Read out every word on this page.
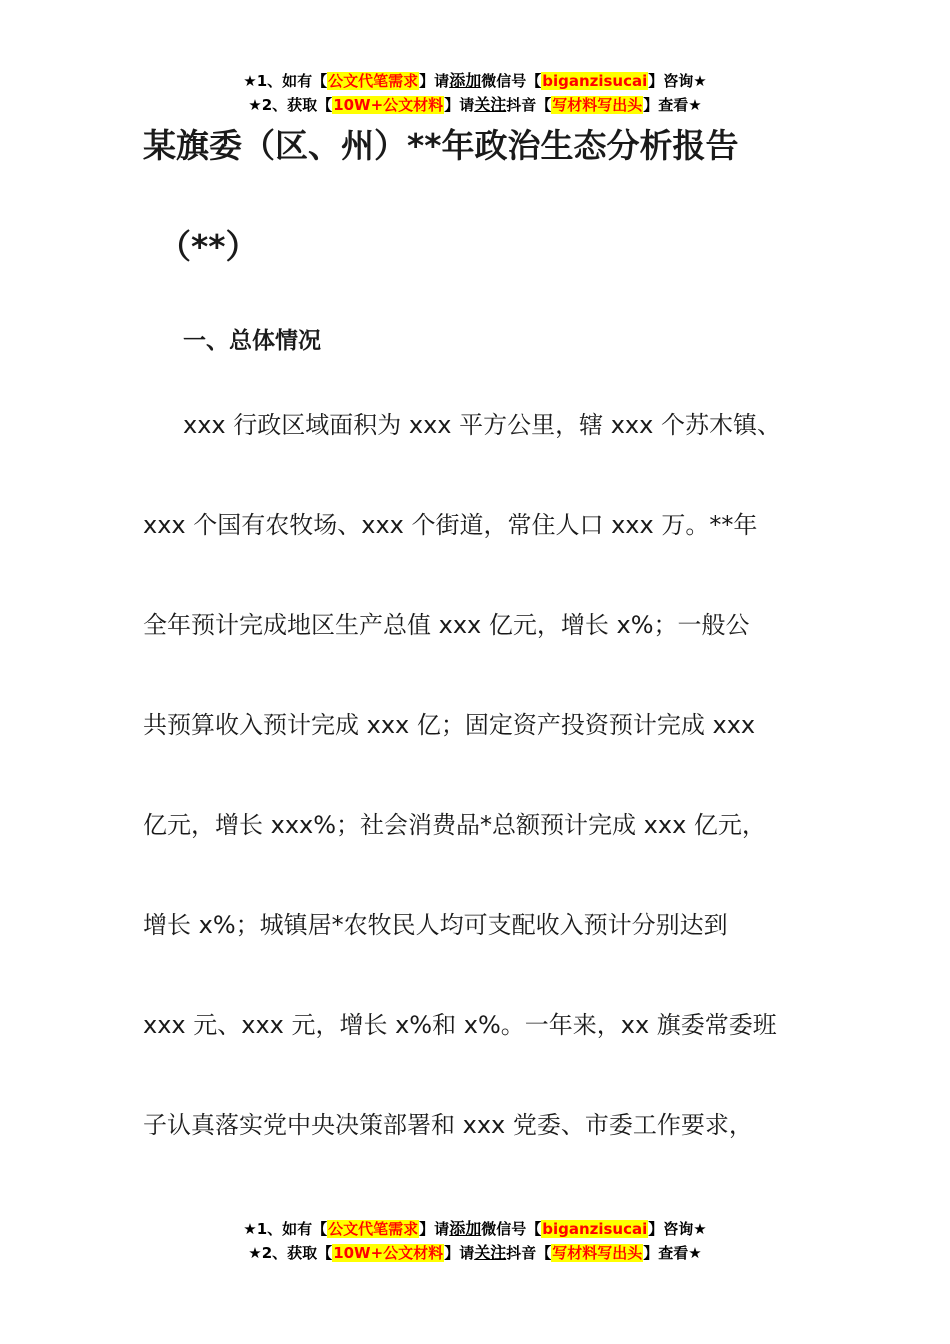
★1、如有【公文代笔需求】请添加微信号【biganzisucai】咨询★
★2、获取【10W+公文材料】请关注抖音【写材料写出头】查看★
某旗委（区、州）**年政治生态分析报告
（**）
一、总体情况
xxx 行政区域面积为 xxx 平方公里，辖 xxx 个苏木镇、
xxx 个国有农牧场、xxx 个街道，常住人口 xxx 万。**年
全年预计完成地区生产总值 xxx 亿元，增长 x%；一般公
共预算收入预计完成 xxx 亿；固定资产投资预计完成 xxx
亿元，增长 xxx%；社会消费品*总额预计完成 xxx 亿元，
增长 x%；城镇居*农牧民人均可支配收入预计分别达到
xxx 元、xxx 元，增长 x%和 x%。一年来，xx 旗委常委班
子认真落实党中央决策部署和 xxx 党委、市委工作要求，
★1、如有【公文代笔需求】请添加微信号【biganzisucai】咨询★
★2、获取【10W+公文材料】请关注抖音【写材料写出头】查看★
